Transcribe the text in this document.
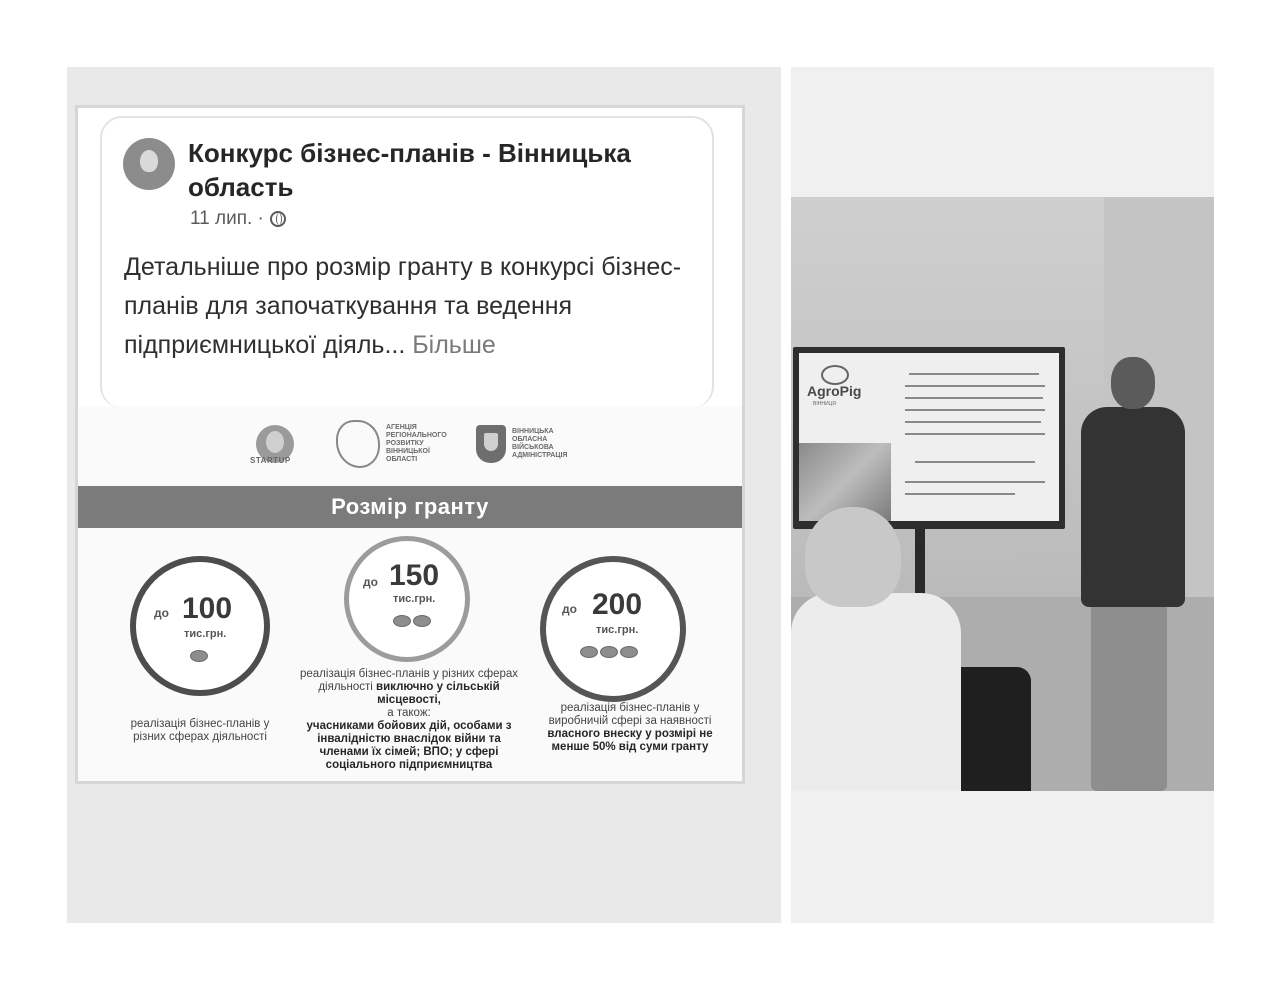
Конкурс бізнес-планів - Вінницька область
11 лип. ·
Детальніше про розмір гранту в конкурсі бізнес-планів для започаткування та ведення підприємницької діяль... Більше
STARTUP
АГЕНЦІЯ РЕГІОНАЛЬНОГО РОЗВИТКУ ВІННИЦЬКОЇ ОБЛАСТІ
ВІННИЦЬКА ОБЛАСНА ВІЙСЬКОВА АДМІНІСТРАЦІЯ
Розмір гранту
до 100
тис.грн.
реалізація бізнес-планів у різних сферах діяльності
до 150
тис.грн.
реалізація бізнес-планів у різних сферах діяльності виключно у сільській місцевості,
а також:
учасниками бойових дій, особами з інвалідністю внаслідок війни та членами їх сімей; ВПО; у сфері соціального підприємництва
до 200
тис.грн.
реалізація бізнес-планів у виробничій сфері за наявності власного внеску у розмірі не менше 50% від суми гранту
AgroPig
ВІННИЦЯ
